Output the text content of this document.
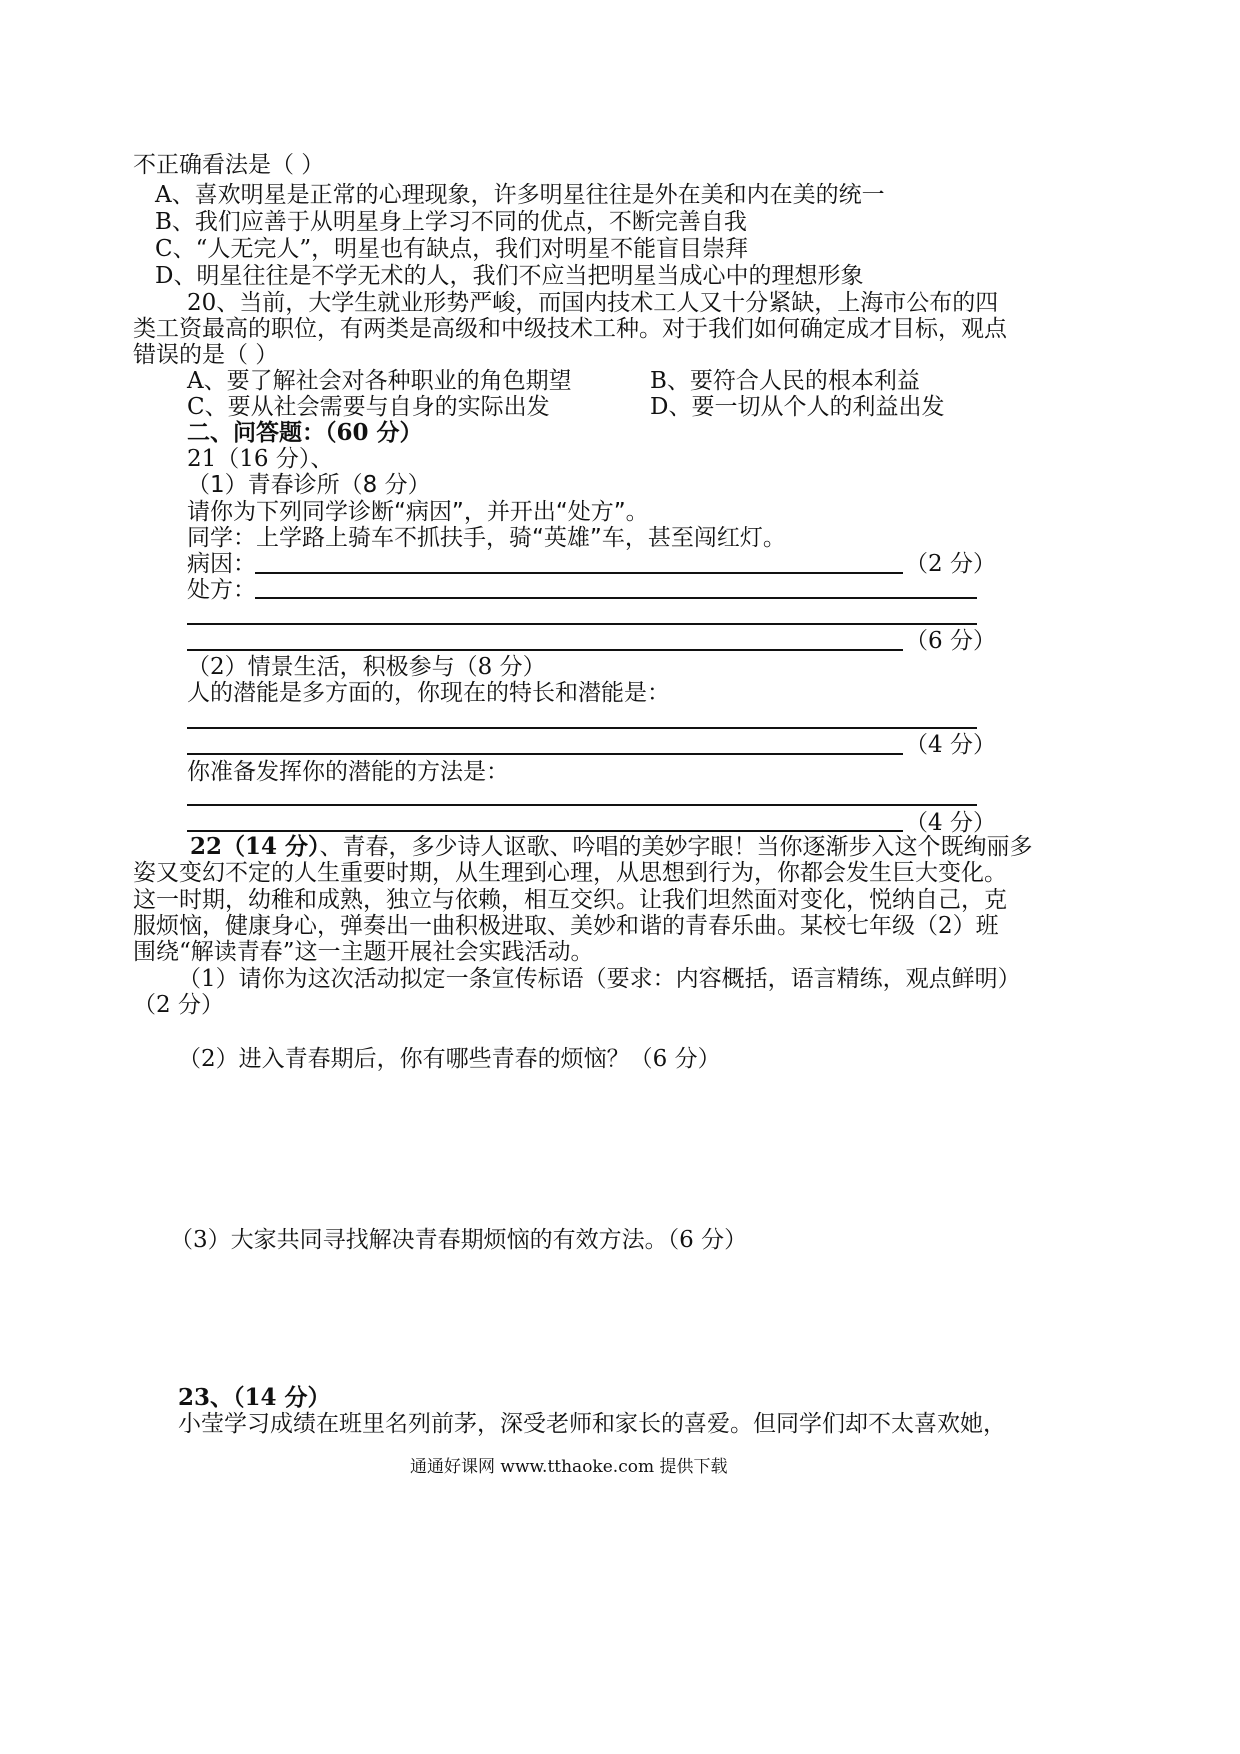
不正确看法是（ ）
A、喜欢明星是正常的心理现象，许多明星往往是外在美和内在美的统一
B、我们应善于从明星身上学习不同的优点，不断完善自我
C、“人无完人”，明星也有缺点，我们对明星不能盲目崇拜
D、明星往往是不学无术的人，我们不应当把明星当成心中的理想形象
20、当前，大学生就业形势严峻，而国内技术工人又十分紧缺，上海市公布的四
类工资最高的职位，有两类是高级和中级技术工种。对于我们如何确定成才目标，观点
错误的是（ ）
A、要了解社会对各种职业的角色期望	B、要符合人民的根本利益
C、要从社会需要与自身的实际出发	D、要一切从个人的利益出发
二、问答题：（60 分）
21（16 分）、
（1）青春诊所（8 分）
请你为下列同学诊断“病因”，并开出“处方”。
同学：上学路上骑车不抓扶手，骑“英雄”车，甚至闯红灯。
病因：	（2 分）
处方：
（6 分）
（2）情景生活，积极参与（8 分）
人的潜能是多方面的，你现在的特长和潜能是：
（4 分）
你准备发挥你的潜能的方法是：
（4 分）
22（14 分）、青春，多少诗人讴歌、吟唱的美妙字眼！当你逐渐步入这个既绚丽多
姿又变幻不定的人生重要时期，从生理到心理，从思想到行为，你都会发生巨大变化。
这一时期，幼稚和成熟，独立与依赖，相互交织。让我们坦然面对变化，悦纳自己，克
服烦恼，健康身心，弹奏出一曲积极进取、美妙和谐的青春乐曲。某校七年级（2）班
围绕“解读青春”这一主题开展社会实践活动。
（1）请你为这次活动拟定一条宣传标语（要求：内容概括，语言精练，观点鲜明）
（2 分）
（2）进入青春期后，你有哪些青春的烦恼？（6 分）
（3）大家共同寻找解决青春期烦恼的有效方法。（6 分）
23、（14 分）
小莹学习成绩在班里名列前茅，深受老师和家长的喜爱。但同学们却不太喜欢她，
通通好课网 www.tthaoke.com 提供下载
